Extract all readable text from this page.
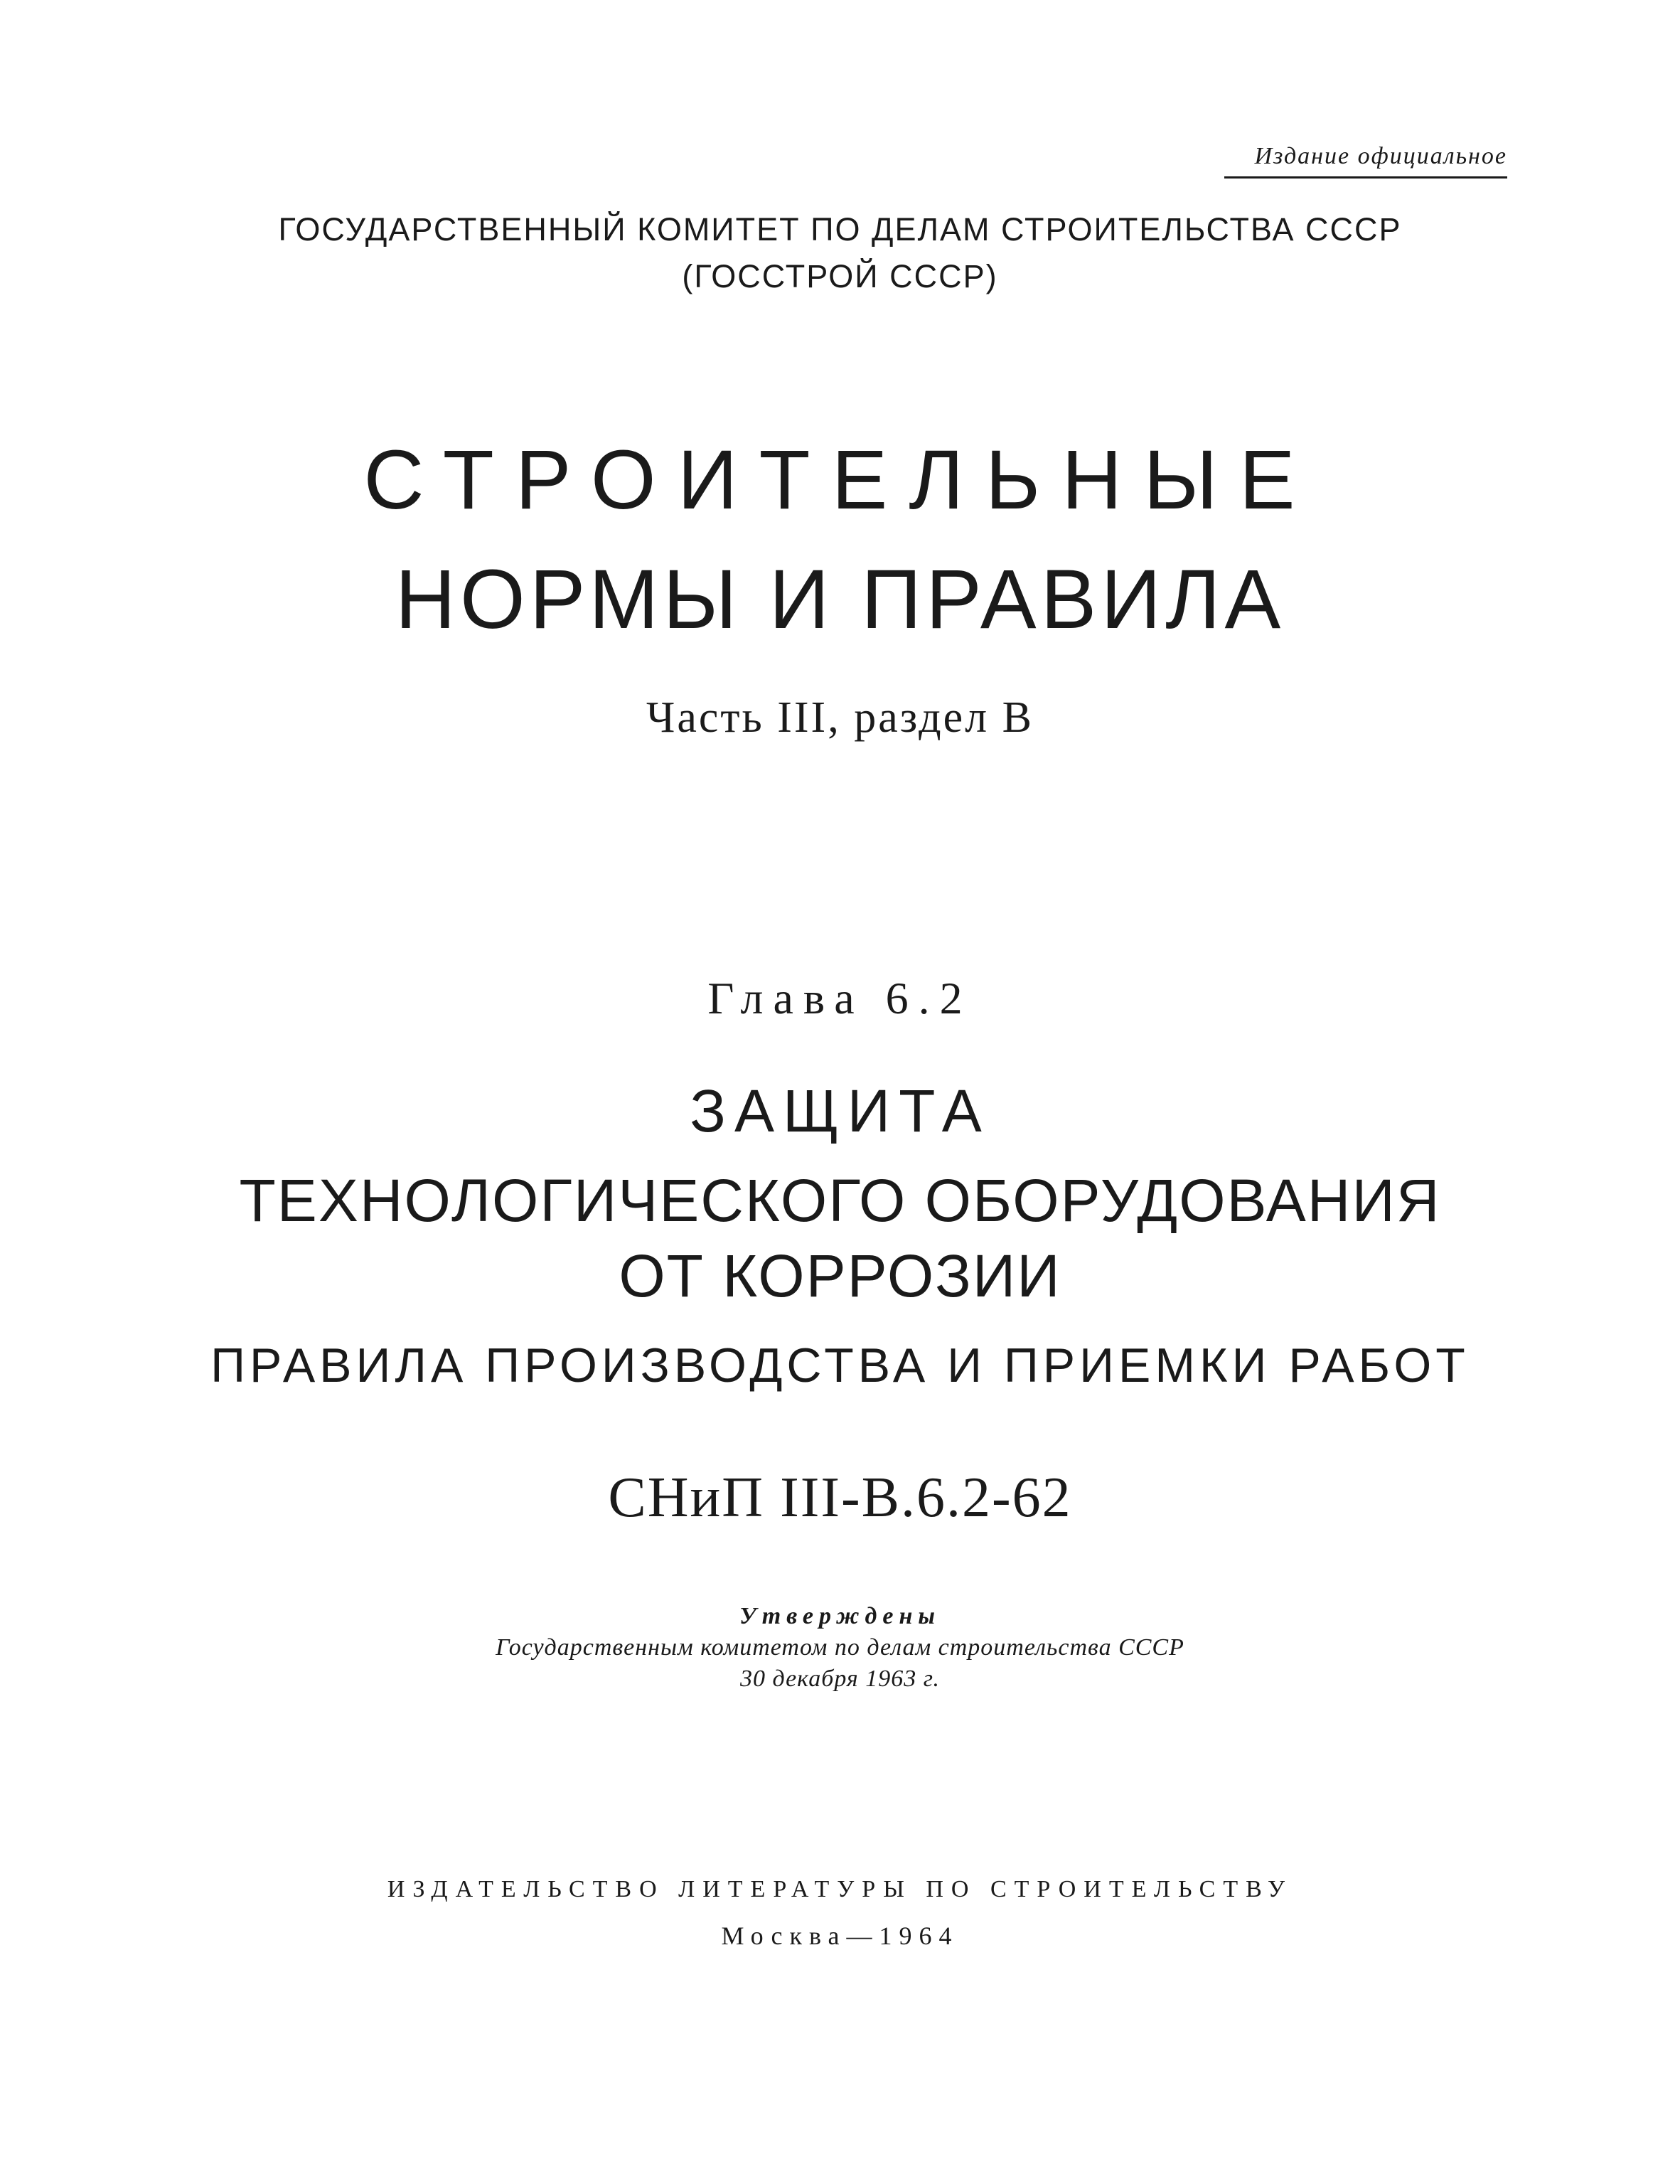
Издание официальное
ГОСУДАРСТВЕННЫЙ КОМИТЕТ ПО ДЕЛАМ СТРОИТЕЛЬСТВА СССР
(ГОССТРОЙ СССР)
СТРОИТЕЛЬНЫЕ
НОРМЫ И ПРАВИЛА
Часть III, раздел В
Глава 6.2
ЗАЩИТА
ТЕХНОЛОГИЧЕСКОГО ОБОРУДОВАНИЯ
ОТ КОРРОЗИИ
ПРАВИЛА ПРОИЗВОДСТВА И ПРИЕМКИ РАБОТ
СНиП III-В.6.2-62
Утверждены
Государственным комитетом по делам строительства СССР
30 декабря 1963 г.
ИЗДАТЕЛЬСТВО ЛИТЕРАТУРЫ ПО СТРОИТЕЛЬСТВУ
Москва—1964
